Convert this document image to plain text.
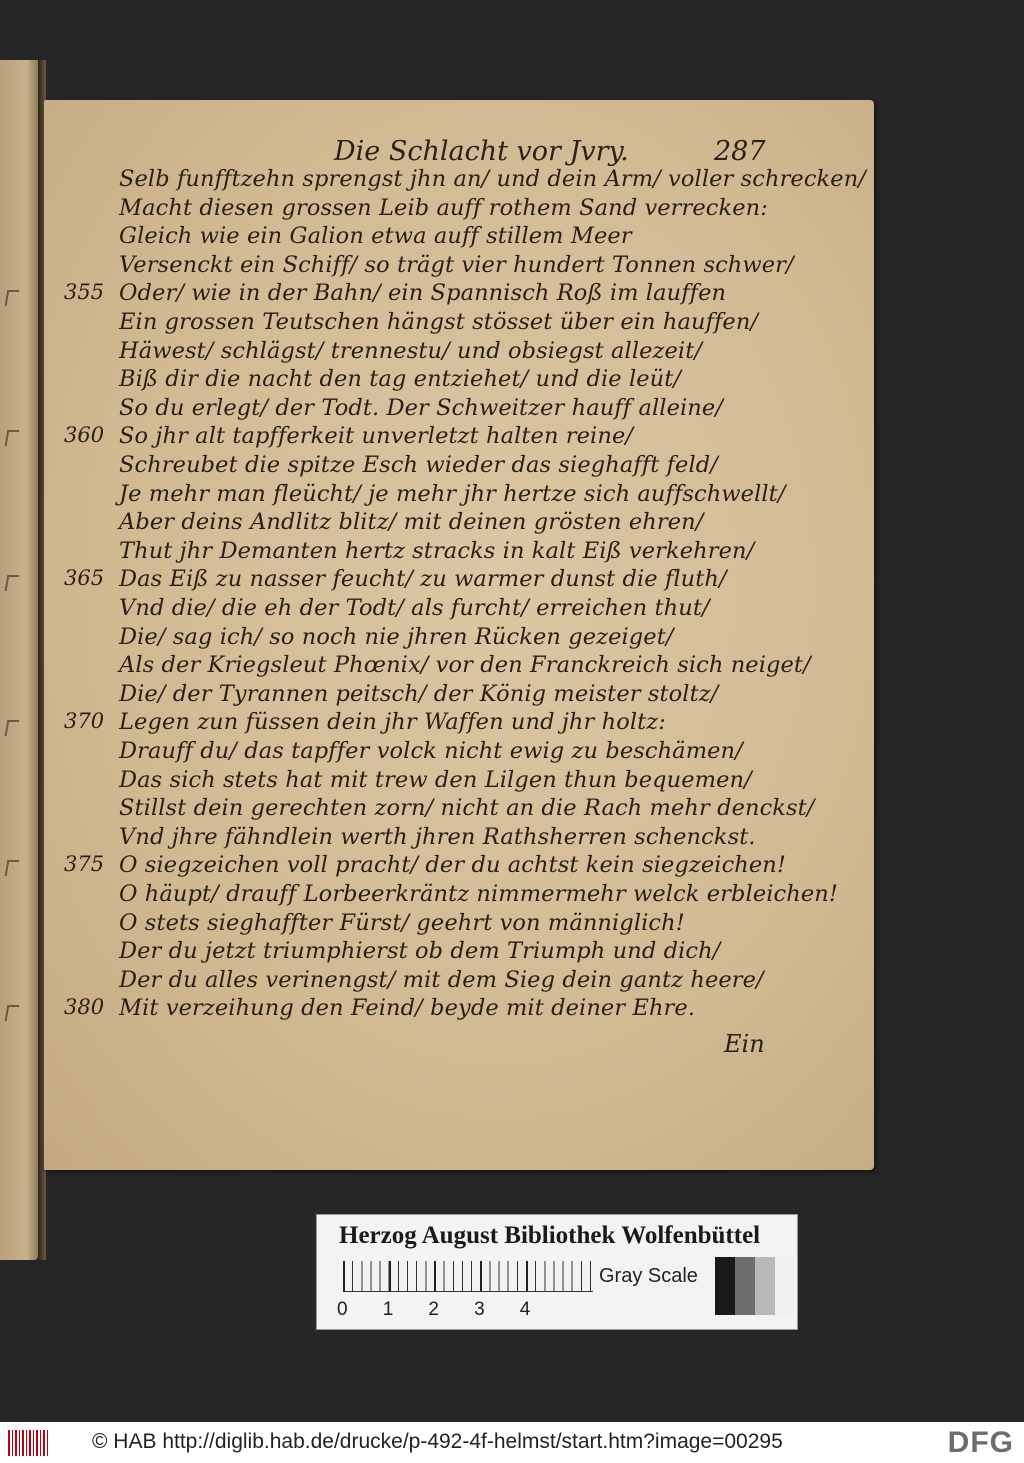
Die Schlacht vor Jvry.	287
Selb funfftzehn sprengst jhn an/ und dein Arm/ voller schrecken/
Macht diesen grossen Leib auff rothem Sand verrecken:
Gleich wie ein Galion etwa auff stillem Meer
Versenckt ein Schiff/ so trägt vier hundert Tonnen schwer/
355 Oder/ wie in der Bahn/ ein Spannisch Roß im lauffen
Ein grossen Teutschen hängst stösset über ein hauffen/
Häwest/ schlägst/ trennestu/ und obsiegst allezeit/
Biß dir die nacht den tag entziehet/ und die leüt/
So du erlegt/ der Todt. Der Schweitzer hauff alleine/
360 So jhr alt tapfferkeit unverletzt halten reine/
Schreubet die spitze Esch wieder das sieghafft feld/
Je mehr man fleücht/ je mehr jhr hertze sich auffschwellt/
Aber deins Andlitz blitz/ mit deinen grösten ehren/
Thut jhr Demanten hertz stracks in kalt Eiß verkehren/
365 Das Eiß zu nasser feucht/ zu warmer dunst die fluth/
Vnd die/ die eh der Todt/ als furcht/ erreichen thut/
Die/ sag ich/ so noch nie jhren Rücken gezeiget/
Als der Kriegsleut Phœnix/ vor den Franckreich sich neiget/
Die/ der Tyrannen peitsch/ der König meister stoltz/
370 Legen zun füssen dein jhr Waffen und jhr holtz:
Drauff du/ das tapffer volck nicht ewig zu beschämen/
Das sich stets hat mit trew den Lilgen thun bequemen/
Stillst dein gerechten zorn/ nicht an die Rach mehr denckst/
Vnd jhre fähndlein werth jhren Rathsherren schenckst.
375 O siegzeichen voll pracht/ der du achtst kein siegzeichen!
O häupt/ drauff Lorbeerkräntz nimmermehr welck erbleichen!
O stets sieghaffter Fürst/ geehrt von männiglich!
Der du jetzt triumphierst ob dem Triumph und dich/
Der du alles verinengst/ mit dem Sieg dein gantz heere/
380 Mit verzeihung den Feind/ beyde mit deiner Ehre.
Ein
Herzog August Bibliothek Wolfenbüttel
0 1 2 3 4
Gray Scale
© HAB http://diglib.hab.de/drucke/p-492-4f-helmst/start.htm?image=00295	DFG
